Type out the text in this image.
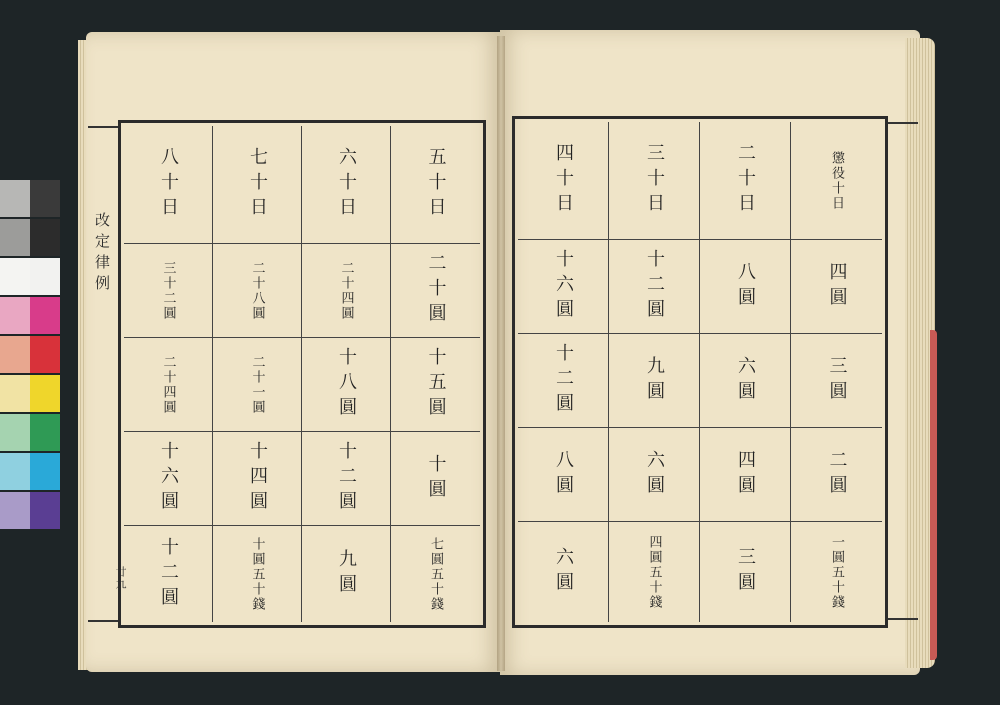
改定律例
廿九
八十日
三十二圓
二十四圓
十六圓
十二圓
七十日
二十八圓
二十一圓
十四圓
十圓五十錢
六十日
二十四圓
十八圓
十二圓
九圓
五十日
二十圓
十五圓
十圓
七圓五十錢
四十日
十六圓
十二圓
八圓
六圓
三十日
十二圓
九圓
六圓
四圓五十錢
二十日
八圓
六圓
四圓
三圓
懲役十日
四圓
三圓
二圓
一圓五十錢
